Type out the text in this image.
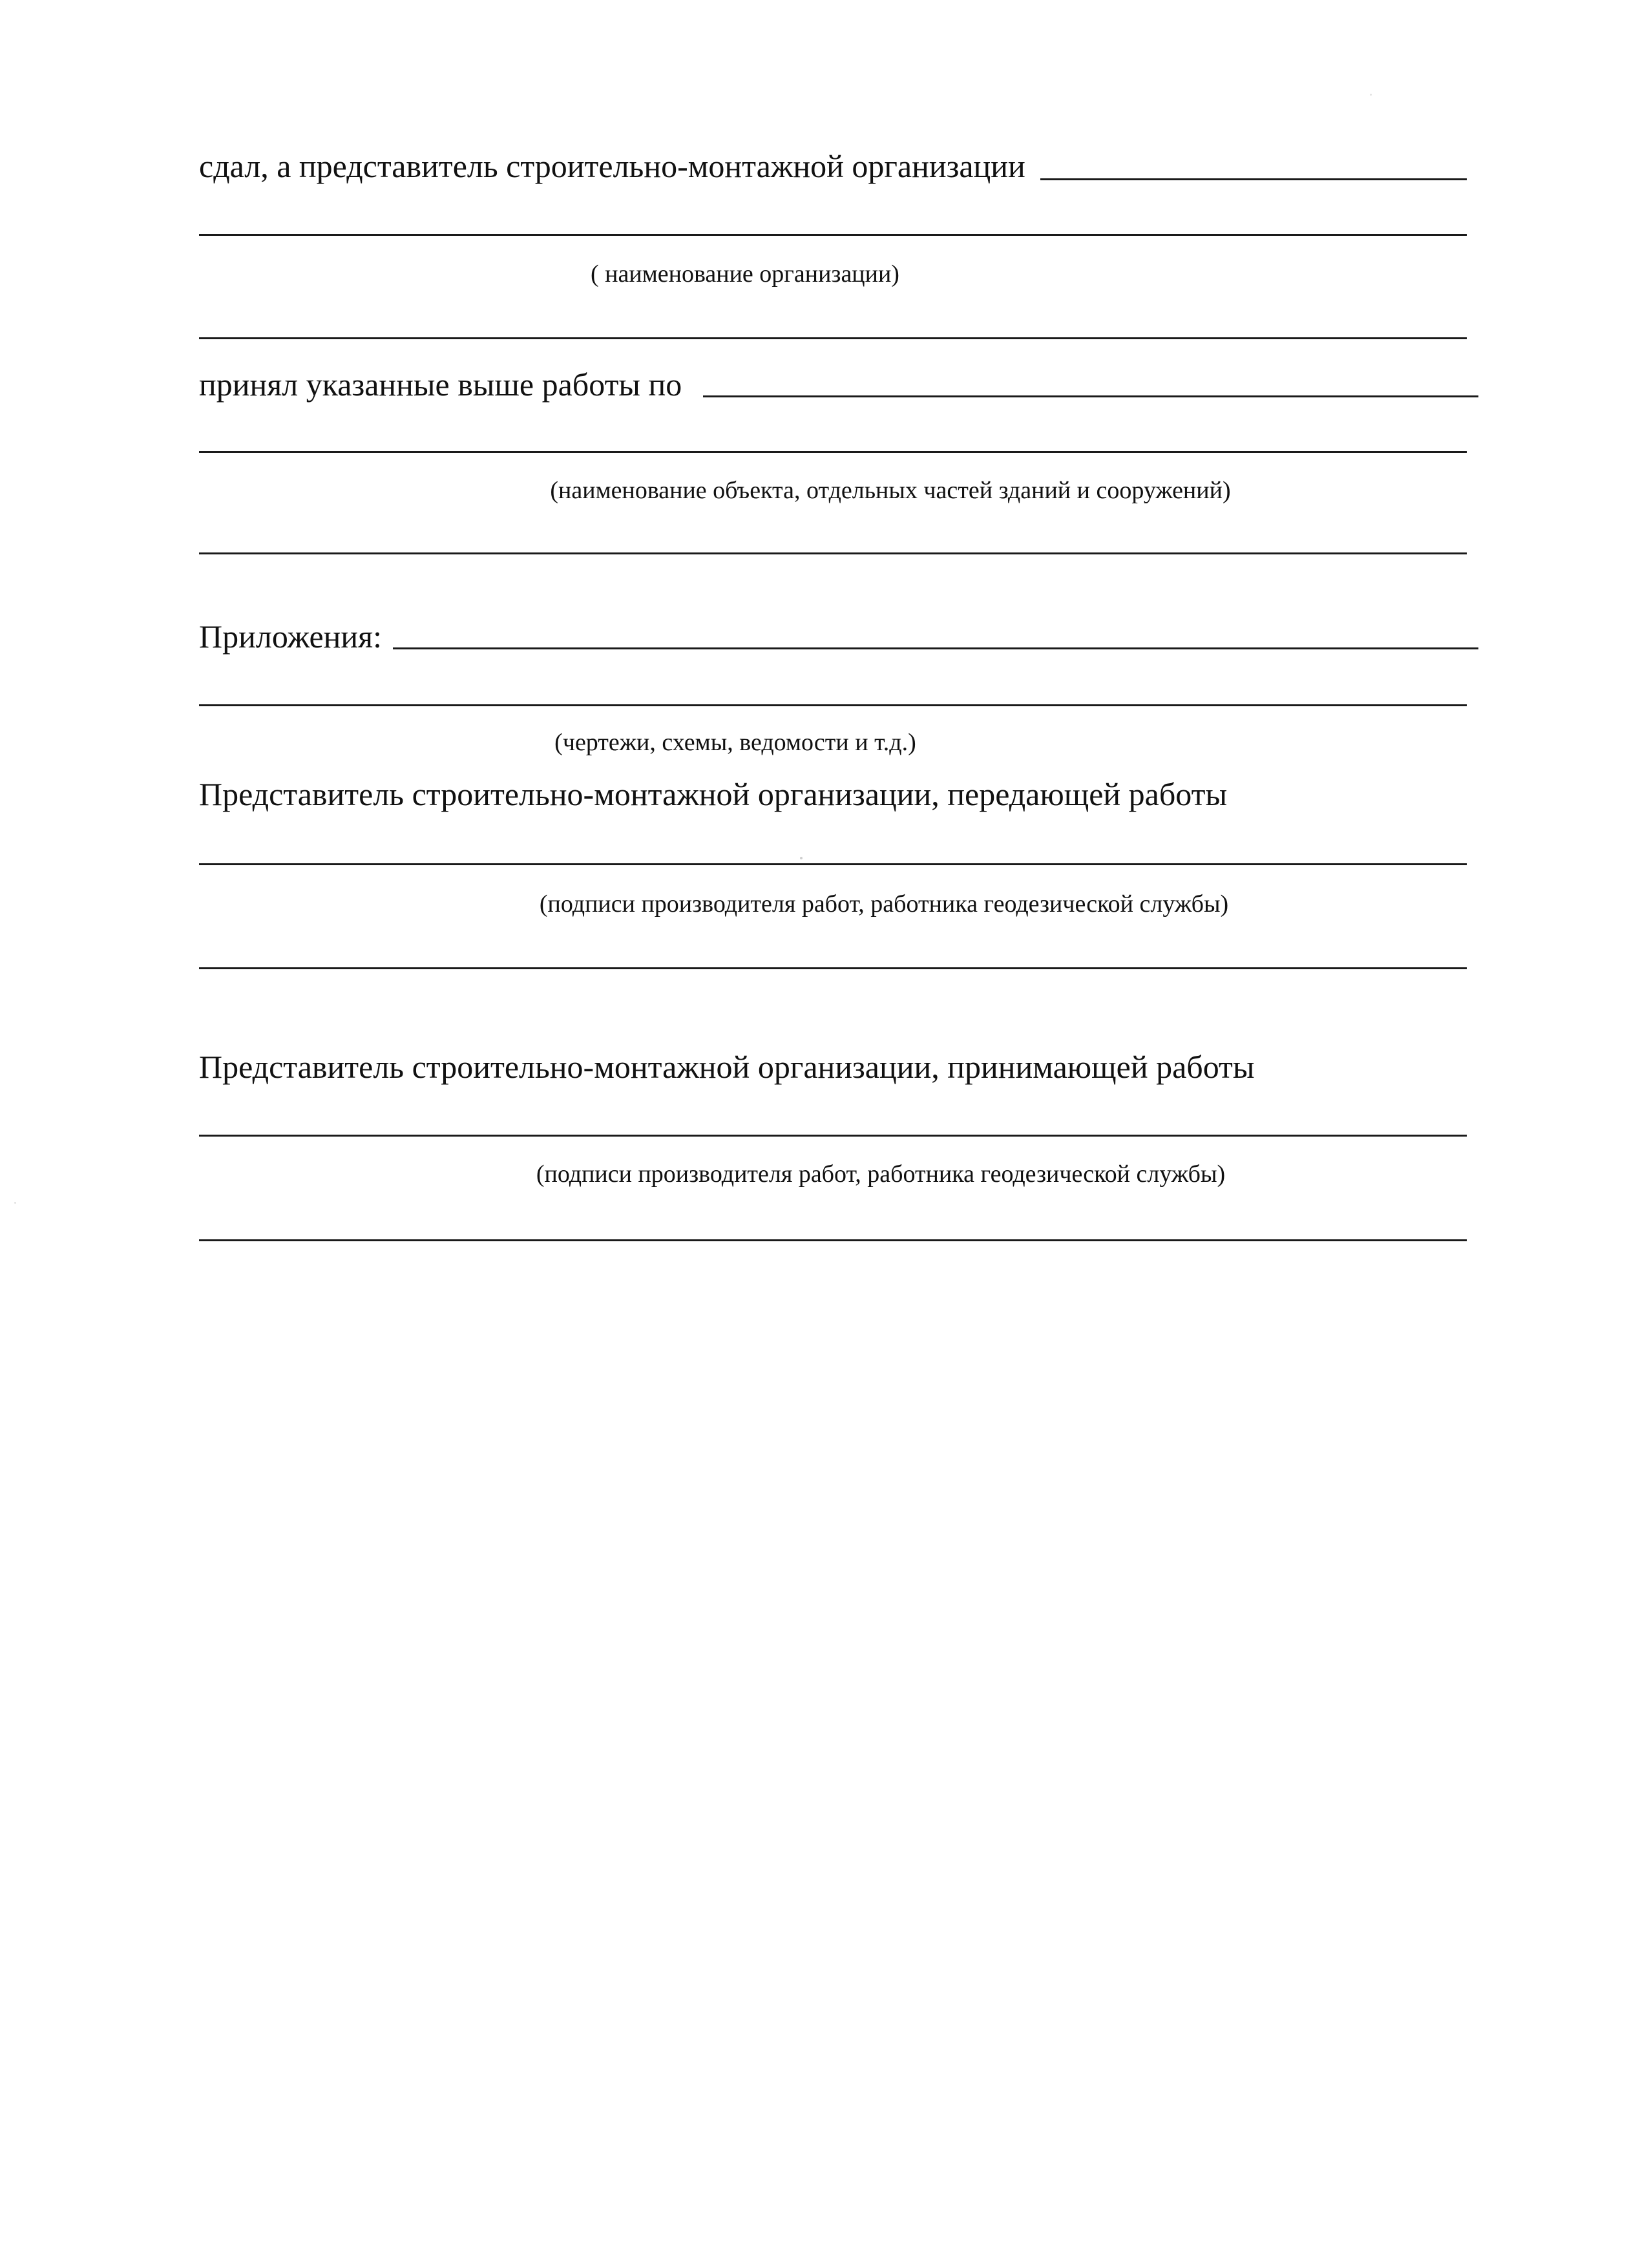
сдал, а представитель строительно-монтажной организации
( наименование организации)
принял указанные выше работы по
(наименование объекта, отдельных частей зданий и сооружений)
Приложения:
(чертежи, схемы, ведомости и т.д.)
Представитель строительно-монтажной организации, передающей работы
(подписи производителя работ, работника геодезической службы)
Представитель строительно-монтажной организации, принимающей работы
(подписи производителя работ, работника геодезической службы)
